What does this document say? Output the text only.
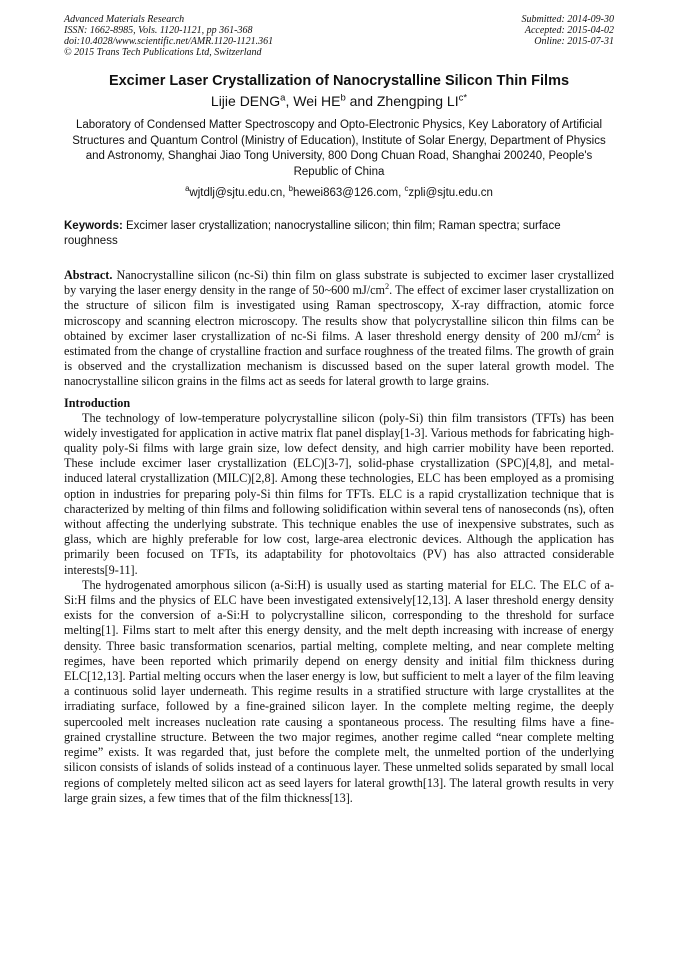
Advanced Materials Research
ISSN: 1662-8985, Vols. 1120-1121, pp 361-368
doi:10.4028/www.scientific.net/AMR.1120-1121.361
© 2015 Trans Tech Publications Ltd, Switzerland
Submitted: 2014-09-30
Accepted: 2015-04-02
Online: 2015-07-31
Excimer Laser Crystallization of Nanocrystalline Silicon Thin Films
Lijie DENG$^a$, Wei $HE^b$ and Zhengping $LI^{c*}$
Laboratory of Condensed Matter Spectroscopy and Opto-Electronic Physics, Key Laboratory of Artificial Structures and Quantum Control (Ministry of Education), Institute of Solar Energy, Department of Physics and Astronomy, Shanghai Jiao Tong University, 800 Dong Chuan Road, Shanghai 200240, People's Republic of China
$^a$wjtdlj@sjtu.edu.cn, $^b$hewei863@126.com, $^c$zpli@sjtu.edu.cn
Keywords: Excimer laser crystallization; nanocrystalline silicon; thin film; Raman spectra; surface roughness
Abstract. Nanocrystalline silicon (nc-Si) thin film on glass substrate is subjected to excimer laser crystallized by varying the laser energy density in the range of 50~600 $mJ/cm^2$. The effect of excimer laser crystallization on the structure of silicon film is investigated using Raman spectroscopy, X-ray diffraction, atomic force microscopy and scanning electron microscopy. The results show that polycrystalline silicon thin films can be obtained by excimer laser crystallization of nc-Si films. A laser threshold energy density of 200 $mJ/cm^2$ is estimated from the change of crystalline fraction and surface roughness of the treated films. The growth of grain is observed and the crystallization mechanism is discussed based on the super lateral growth model. The nanocrystalline silicon grains in the films act as seeds for lateral growth to large grains.
Introduction
The technology of low-temperature polycrystalline silicon (poly-Si) thin film transistors (TFTs) has been widely investigated for application in active matrix flat panel display[1-3]. Various methods for fabricating high-quality poly-Si films with large grain size, low defect density, and high carrier mobility have been reported. These include excimer laser crystallization (ELC)[3-7], solid-phase crystallization (SPC)[4,8], and metal-induced lateral crystallization (MILC)[2,8]. Among these technologies, ELC has been employed as a promising option in industries for preparing poly-Si thin films for TFTs. ELC is a rapid crystallization technique that is characterized by melting of thin films and following solidification within several tens of nanoseconds (ns), often without affecting the underlying substrate. This technique enables the use of inexpensive substrates, such as glass, which are highly preferable for low cost, large-area electronic devices. Although the application has primarily been focused on TFTs, its adaptability for photovoltaics (PV) has also attracted considerable interests[9-11].
The hydrogenated amorphous silicon (a-Si:H) is usually used as starting material for ELC. The ELC of a-Si:H films and the physics of ELC have been investigated extensively[12,13]. A laser threshold energy density exists for the conversion of a-Si:H to polycrystalline silicon, corresponding to the threshold for surface melting[1]. Films start to melt after this energy density, and the melt depth increasing with increase of energy density. Three basic transformation scenarios, partial melting, complete melting, and near complete melting regimes, have been reported which primarily depend on energy density and initial film thickness during ELC[12,13]. Partial melting occurs when the laser energy is low, but sufficient to melt a layer of the film leaving a continuous solid layer underneath. This regime results in a stratified structure with large crystallites at the irradiating surface, followed by a fine-grained silicon layer. In the complete melting regime, the deeply supercooled melt increases nucleation rate causing a spontaneous process. The resulting films have a fine-grained crystalline structure. Between the two major regimes, another regime called “near complete melting regime” exists. It was regarded that, just before the complete melt, the unmelted portion of the underlying silicon consists of islands of solids instead of a continuous layer. These unmelted solids separated by small local regions of completely melted silicon act as seed layers for lateral growth[13]. The lateral growth results in very large grain sizes, a few times that of the film thickness[13].
